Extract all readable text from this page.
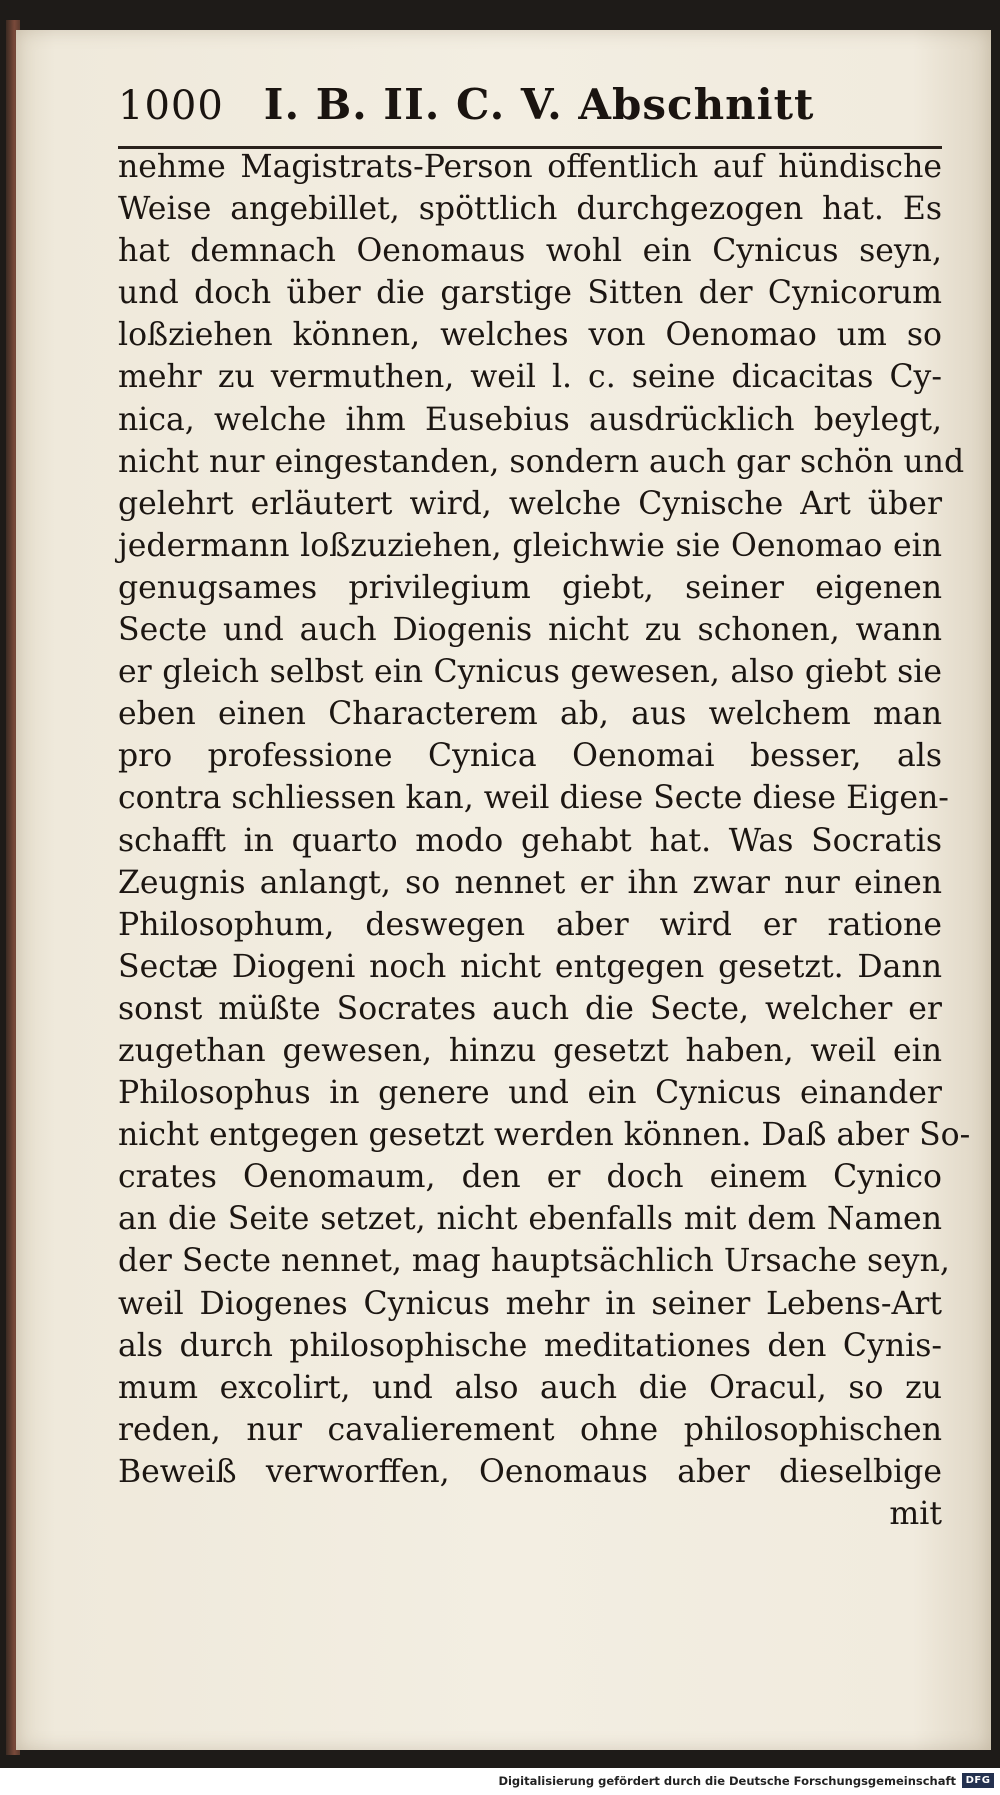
1000 I. B. II. C. V. Abschnitt
nehme Magistrats-Person offentlich auf hündische
Weise angebillet, spöttlich durchgezogen hat. Es
hat demnach Oenomaus wohl ein Cynicus seyn,
und doch über die garstige Sitten der Cynicorum
loßziehen können, welches von Oenomao um so
mehr zu vermuthen, weil l. c. seine dicacitas Cy-
nica, welche ihm Eusebius ausdrücklich beylegt,
nicht nur eingestanden, sondern auch gar schön und
gelehrt erläutert wird, welche Cynische Art über
jedermann loßzuziehen, gleichwie sie Oenomao ein
genugsames privilegium giebt, seiner eigenen
Secte und auch Diogenis nicht zu schonen, wann
er gleich selbst ein Cynicus gewesen, also giebt sie
eben einen Characterem ab, aus welchem man
pro professione Cynica Oenomai besser, als
contra schliessen kan, weil diese Secte diese Eigen-
schafft in quarto modo gehabt hat. Was Socratis
Zeugnis anlangt, so nennet er ihn zwar nur einen
Philosophum, deswegen aber wird er ratione
Sectæ Diogeni noch nicht entgegen gesetzt. Dann
sonst müßte Socrates auch die Secte, welcher er
zugethan gewesen, hinzu gesetzt haben, weil ein
Philosophus in genere und ein Cynicus einander
nicht entgegen gesetzt werden können. Daß aber So-
crates Oenomaum, den er doch einem Cynico
an die Seite setzet, nicht ebenfalls mit dem Namen
der Secte nennet, mag hauptsächlich Ursache seyn,
weil Diogenes Cynicus mehr in seiner Lebens-Art
als durch philosophische meditationes den Cynis-
mum excolirt, und also auch die Oracul, so zu
reden, nur cavalierement ohne philosophischen
Beweiß verworffen, Oenomaus aber dieselbige
mit
Digitalisierung gefördert durch die Deutsche Forschungsgemeinschaft DFG
